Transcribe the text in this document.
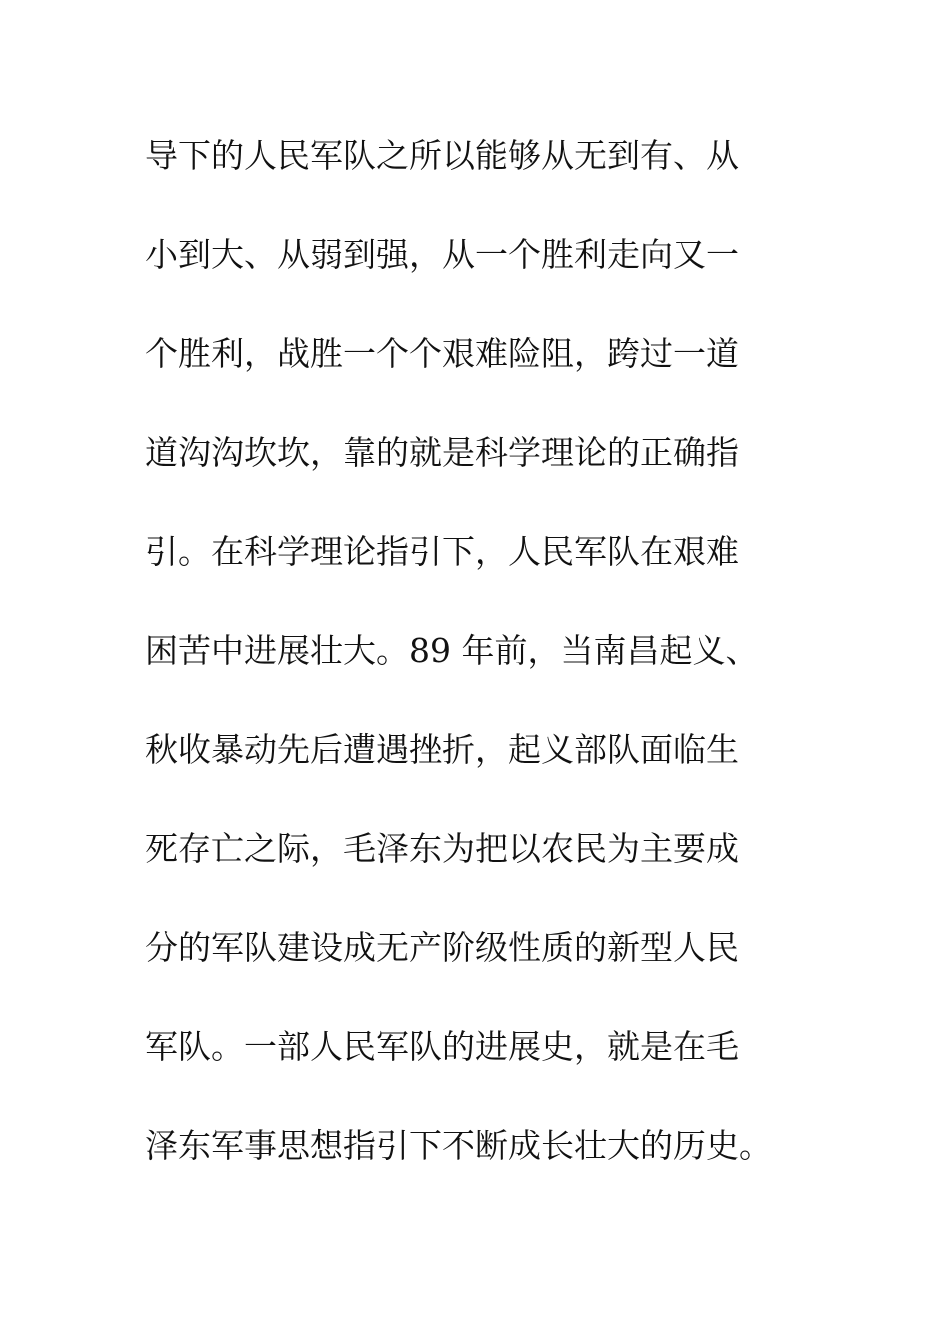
导下的人民军队之所以能够从无到有、从
小到大、从弱到强，从一个胜利走向又一
个胜利，战胜一个个艰难险阻，跨过一道
道沟沟坎坎，靠的就是科学理论的正确指
引。在科学理论指引下，人民军队在艰难
困苦中进展壮大。89 年前，当南昌起义、
秋收暴动先后遭遇挫折，起义部队面临生
死存亡之际，毛泽东为把以农民为主要成
分的军队建设成无产阶级性质的新型人民
军队。一部人民军队的进展史，就是在毛
泽东军事思想指引下不断成长壮大的历史。
